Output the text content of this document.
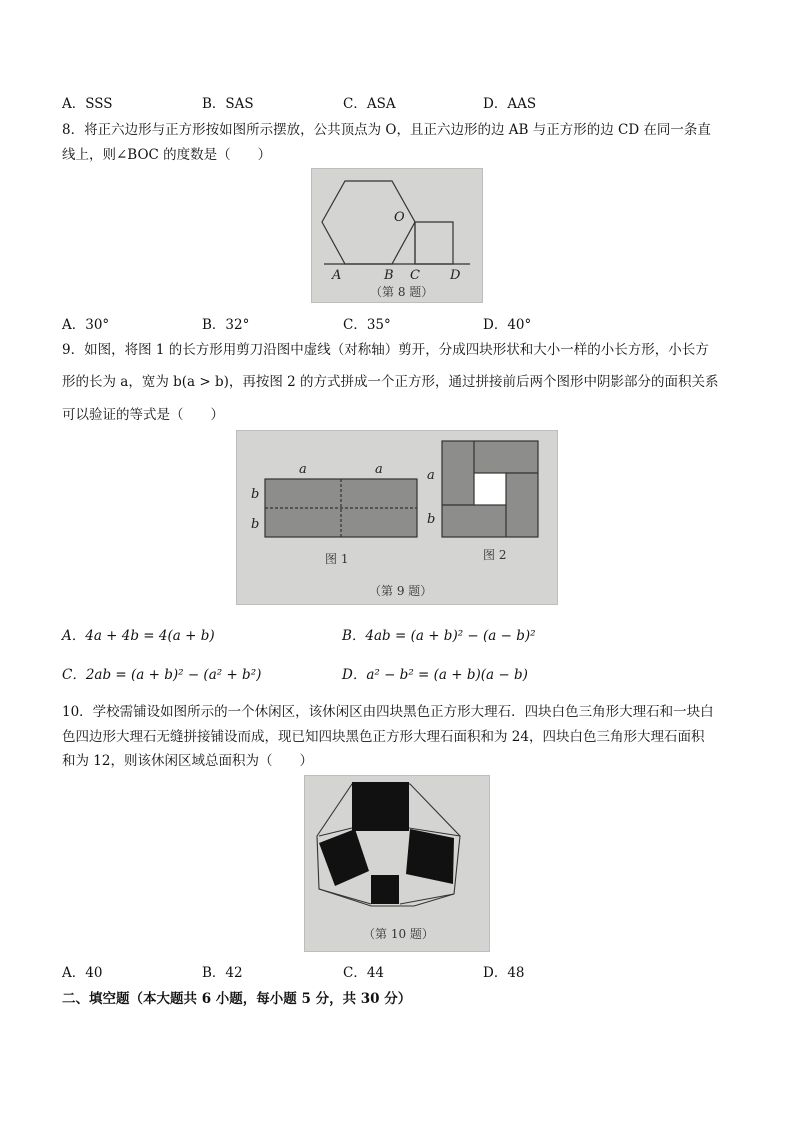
A．SSS	B．SAS	C．ASA	D．AAS
8．将正六边形与正方形按如图所示摆放，公共顶点为 O，且正六边形的边 AB 与正方形的边 CD 在同一条直
线上，则∠BOC 的度数是（　　）
O
A	B C D
（第 8 题）
A．30°	B．32°	C．35°	D．40°
9．如图，将图 1 的长方形用剪刀沿图中虚线（对称轴）剪开，分成四块形状和大小一样的小长方形，小长方
形的长为 a，宽为 b(a > b)，再按图 2 的方式拼成一个正方形，通过拼接前后两个图形中阴影部分的面积关系
可以验证的等式是（　　）
a	a
b
b
图 1
a
b
图 2
（第 9 题）
A．4a + 4b = 4(a + b)	B．4ab = (a + b)² − (a − b)²
C．2ab = (a + b)² − (a² + b²)	D．a² − b² = (a + b)(a − b)
10．学校需铺设如图所示的一个休闲区，该休闲区由四块黑色正方形大理石．四块白色三角形大理石和一块白
色四边形大理石无缝拼接铺设而成，现已知四块黑色正方形大理石面积和为 24，四块白色三角形大理石面积
和为 12，则该休闲区域总面积为（　　）
（第 10 题）
A．40	B．42	C．44	D．48
二、填空题（本大题共 6 小题，每小题 5 分，共 30 分）
